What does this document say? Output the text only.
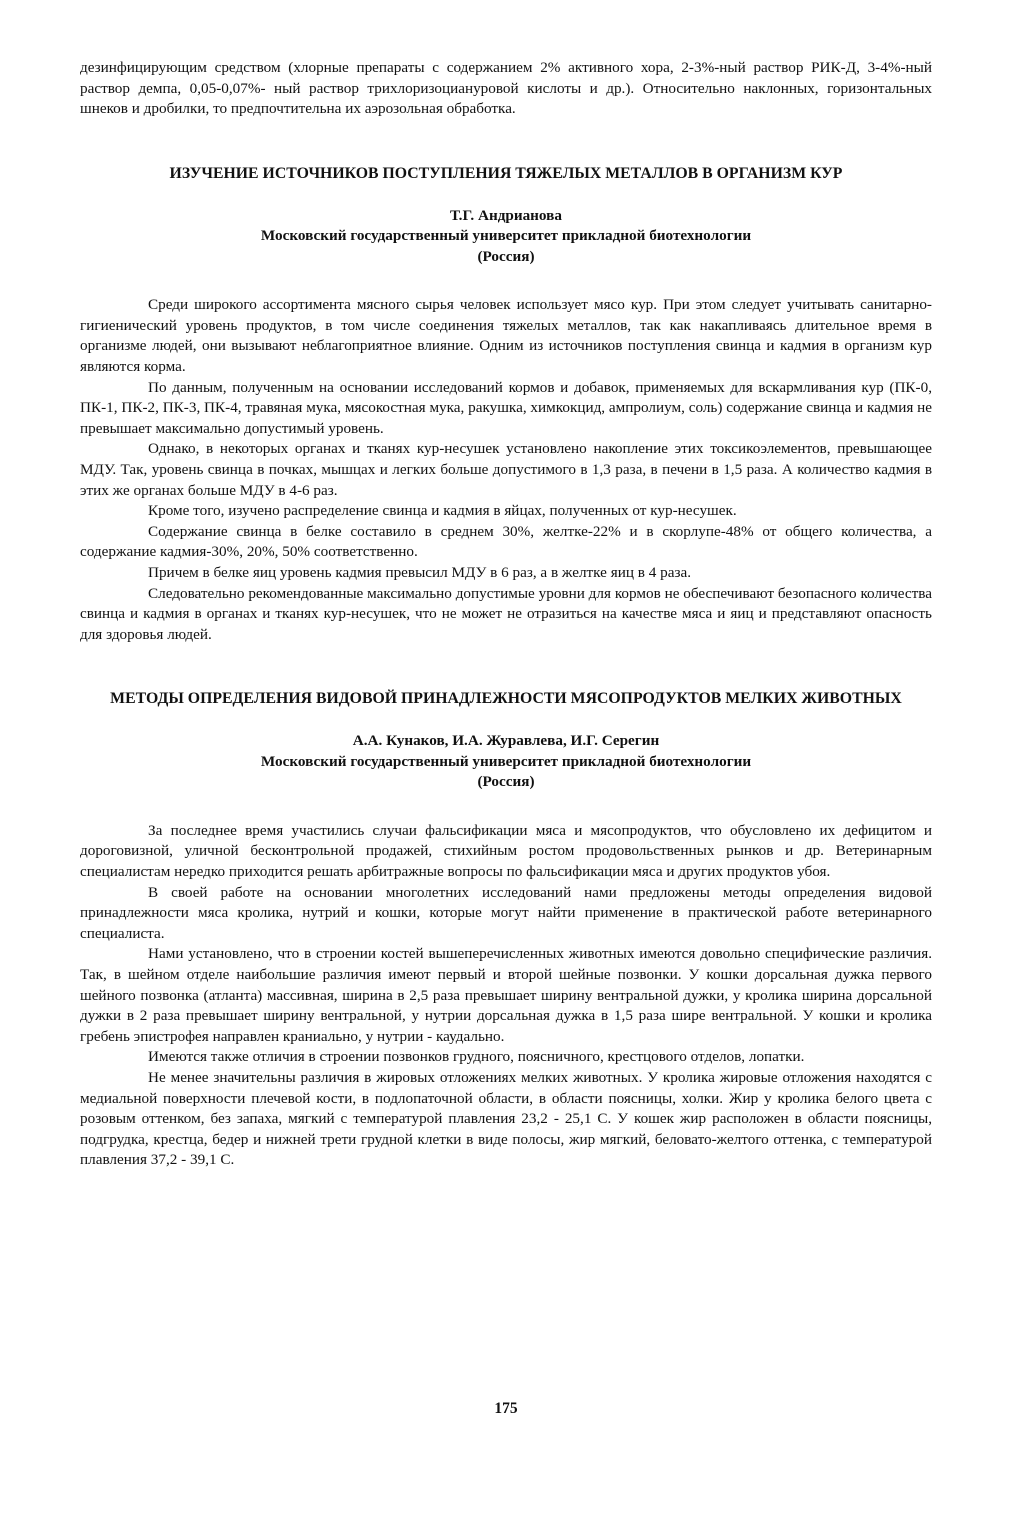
дезинфицирующим средством (хлорные препараты с содержанием 2% активного хора, 2-3%-ный раствор РИК-Д, 3-4%-ный раствор демпа, 0,05-0,07%- ный раствор трихлоризоциануровой кислоты и др.). Относительно наклонных, горизонтальных шнеков и дробилки, то предпочтительна их аэрозольная обработка.

ИЗУЧЕНИЕ ИСТОЧНИКОВ ПОСТУПЛЕНИЯ ТЯЖЕЛЫХ МЕТАЛЛОВ В ОРГАНИЗМ КУР
Т.Г. Андрианова
Московский государственный университет прикладной биотехнологии
(Россия)

Среди широкого ассортимента мясного сырья человек использует мясо кур. При этом следует учитывать санитарно-гигиенический уровень продуктов, в том числе соединения тяжелых металлов, так как накапливаясь длительное время в организме людей, они вызывают неблагоприятное влияние. Одним из источников поступления свинца и кадмия в организм кур являются корма.

По данным, полученным на основании исследований кормов и добавок, применяемых для вскармливания кур (ПК-0, ПК-1, ПК-2, ПК-3, ПК-4, травяная мука, мясокостная мука, ракушка, химкокцид, ампролиум, соль) содержание свинца и кадмия не превышает максимально допустимый уровень.

Однако, в некоторых органах и тканях кур-несушек установлено накопление этих токсикоэлементов, превышающее МДУ. Так, уровень свинца в почках, мышцах и легких больше допустимого в 1,3 раза, в печени в 1,5 раза. А количество кадмия в этих же органах больше МДУ в 4-6 раз.

Кроме того, изучено распределение свинца и кадмия в яйцах, полученных от кур-несушек.

Содержание свинца в белке составило в среднем 30%, желтке-22% и в скорлупе-48% от общего количества, а содержание кадмия-30%, 20%, 50% соответственно.

Причем в белке яиц уровень кадмия превысил МДУ в 6 раз, а в желтке яиц в 4 раза.

Следовательно рекомендованные максимально допустимые уровни для кормов не обеспечивают безопасного количества свинца и кадмия в органах и тканях кур-несушек, что не может не отразиться на качестве мяса и яиц и представляют опасность для здоровья людей.

МЕТОДЫ ОПРЕДЕЛЕНИЯ ВИДОВОЙ ПРИНАДЛЕЖНОСТИ МЯСОПРОДУКТОВ МЕЛКИХ ЖИВОТНЫХ
А.А. Кунаков, И.А. Журавлева, И.Г. Серегин
Московский государственный университет прикладной биотехнологии
(Россия)

За последнее время участились случаи фальсификации мяса и мясопродуктов, что обусловлено их дефицитом и дороговизной, уличной бесконтрольной продажей, стихийным ростом продовольственных рынков и др. Ветеринарным специалистам нередко приходится решать арбитражные вопросы по фальсификации мяса и других продуктов убоя.

В своей работе на основании многолетних исследований нами предложены методы определения видовой принадлежности мяса кролика, нутрий и кошки, которые могут найти применение в практической работе ветеринарного специалиста.

Нами установлено, что в строении костей вышеперечисленных животных имеются довольно специфические различия. Так, в шейном отделе наибольшие различия имеют первый и второй шейные позвонки. У кошки дорсальная дужка первого шейного позвонка (атланта) массивная, ширина в 2,5 раза превышает ширину вентральной дужки, у кролика ширина дорсальной дужки в 2 раза превышает ширину вентральной, у нутрии дорсальная дужка в 1,5 раза шире вентральной. У кошки и кролика гребень эпистрофея направлен краниально, у нутрии - каудально.

Имеются также отличия в строении позвонков грудного, поясничного, крестцового отделов, лопатки.

Не менее значительны различия в жировых отложениях мелких животных. У кролика жировые отложения находятся с медиальной поверхности плечевой кости, в подлопаточной области, в области поясницы, холки. Жир у кролика белого цвета с розовым оттенком, без запаха, мягкий с температурой плавления 23,2 - 25,1 С. У кошек жир расположен в области поясницы, подгрудка, крестца, бедер и нижней трети грудной клетки в виде полосы, жир мягкий, беловато-желтого оттенка, с температурой плавления 37,2 - 39,1 С.

175
